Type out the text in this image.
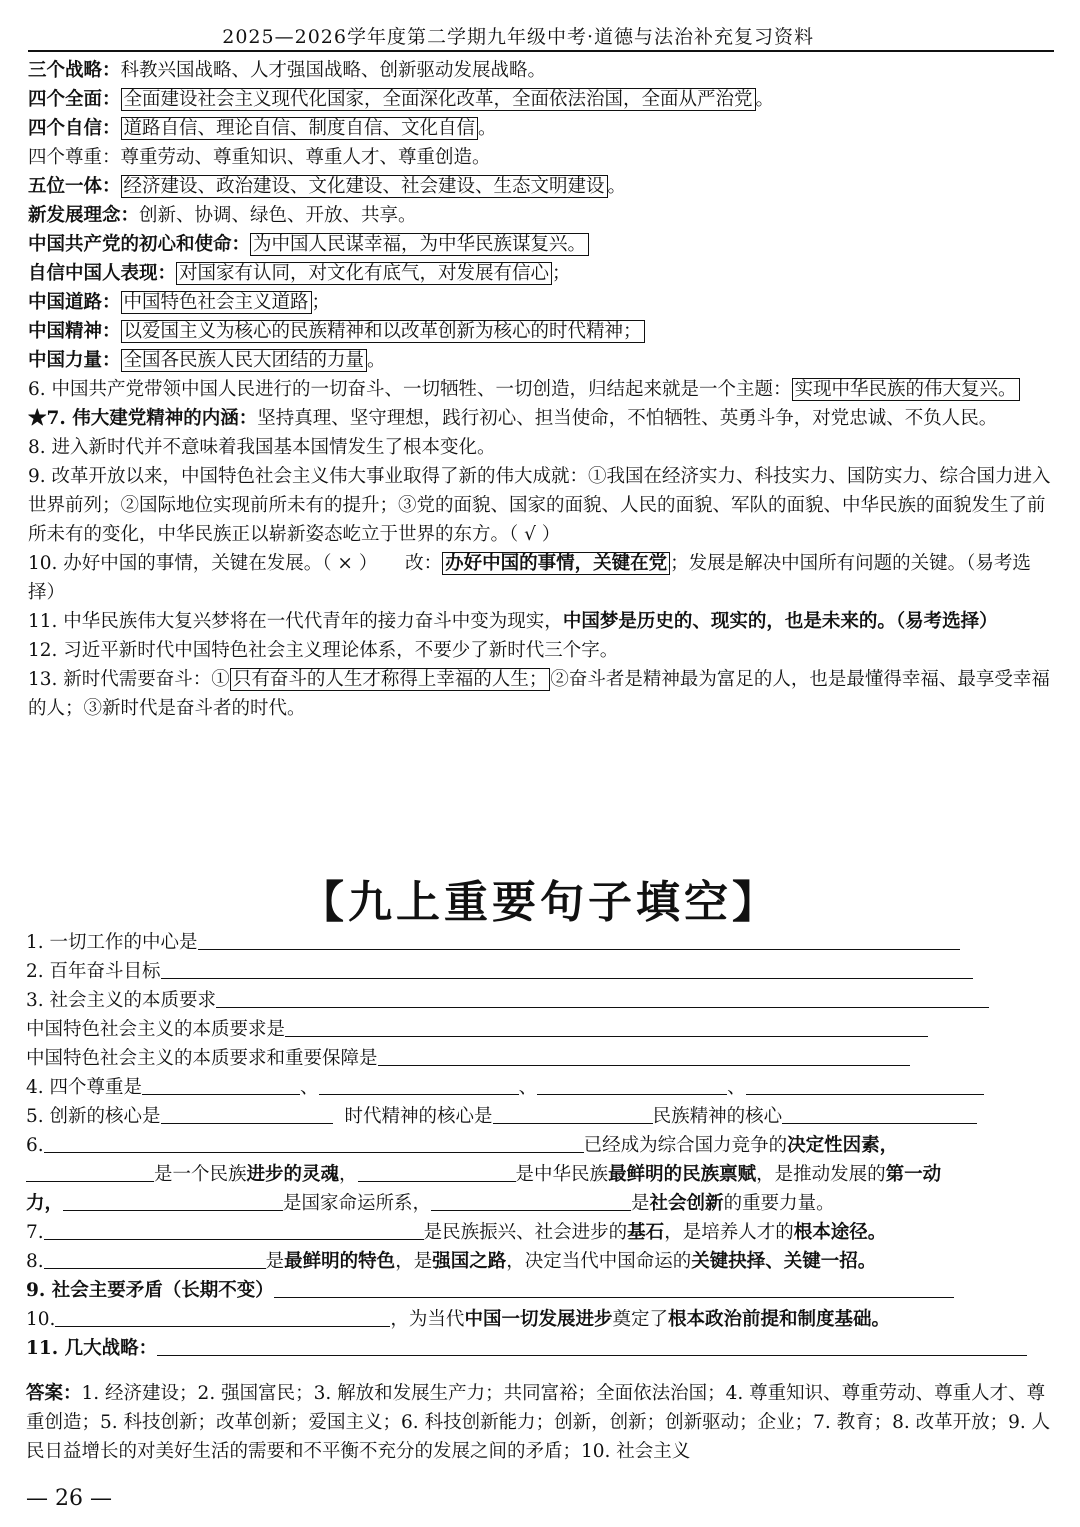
2025—2026学年度第二学期九年级中考·道德与法治补充复习资料

三个战略：科教兴国战略、人才强国战略、创新驱动发展战略。

四个全面： 全面建设社会主义现代化国家，全面深化改革，全面依法治国，全面从严治党 。

四个自信： 道路自信、理论自信、制度自信、文化自信 。

四个尊重：尊重劳动、尊重知识、尊重人才、尊重创造。

五位一体： 经济建设、政治建设、文化建设、社会建设、生态文明建设 。

新发展理念：创新、协调、绿色、开放、共享。

中国共产党的初心和使命： 为中国人民谋幸福，为中华民族谋复兴。

自信中国人表现： 对国家有认同，对文化有底气，对发展有信心 ；

中国道路： 中国特色社会主义道路 ；

中国精神： 以爱国主义为核心的民族精神和以改革创新为核心的时代精神；

中国力量： 全国各民族人民大团结的力量 。

6. 中国共产党带领中国人民进行的一切奋斗、一切牺牲、一切创造，归结起来就是一个主题： 实现中华民族的伟大复兴。

★7. 伟大建党精神的内涵：坚持真理、坚守理想，践行初心、担当使命，不怕牺牲、英勇斗争，对党忠诚、不负人民。

8. 进入新时代并不意味着我国基本国情发生了根本变化。

9. 改革开放以来，中国特色社会主义伟大事业取得了新的伟大成就：①我国在经济实力、科技实力、国防实力、综合国力进入世界前列；②国际地位实现前所未有的提升；③党的面貌、国家的面貌、人民的面貌、军队的面貌、中华民族的面貌发生了前所未有的变化，中华民族正以崭新姿态屹立于世界的东方。（ √ ）

10. 办好中国的事情，关键在发展。（ × ）　　改： 办好中国的事情，关键在党 ；发展是解决中国所有问题的关键。（易考选择）

11. 中华民族伟大复兴梦将在一代代青年的接力奋斗中变为现实，中国梦是历史的、现实的，也是未来的。（易考选择）

12. 习近平新时代中国特色社会主义理论体系，不要少了新时代三个字。

13. 新时代需要奋斗：① 只有奋斗的人生才称得上幸福的人生； ②奋斗者是精神最为富足的人，也是最懂得幸福、最享受幸福的人；③新时代是奋斗者的时代。

【九上重要句子填空】

1. 一切工作的中心是

2. 百年奋斗目标

3. 社会主义的本质要求

中国特色社会主义的本质要求是

中国特色社会主义的本质要求和重要保障是

4. 四个尊重是	、	、	、

5. 创新的核心是	时代精神的核心是	民族精神的核心

6.	已经成为综合国力竞争的决定性因素，

是一个民族进步的灵魂，	是中华民族最鲜明的民族禀赋，是推动发展的第一动

力，	是国家命运所系，	是社会创新的重要力量。

7.	是民族振兴、社会进步的基石，是培养人才的根本途径。

8.	是最鲜明的特色，是强国之路，决定当代中国命运的关键抉择、关键一招。

9. 社会主要矛盾（长期不变）

10.	，为当代中国一切发展进步奠定了根本政治前提和制度基础。

11. 几大战略：

答案：1. 经济建设；2. 强国富民；3. 解放和发展生产力；共同富裕；全面依法治国；4. 尊重知识、尊重劳动、尊重人才、尊重创造；5. 科技创新；改革创新；爱国主义；6. 科技创新能力；创新，创新；创新驱动；企业；7. 教育；8. 改革开放；9. 人民日益增长的对美好生活的需要和不平衡不充分的发展之间的矛盾；10. 社会主义

— 26 —
